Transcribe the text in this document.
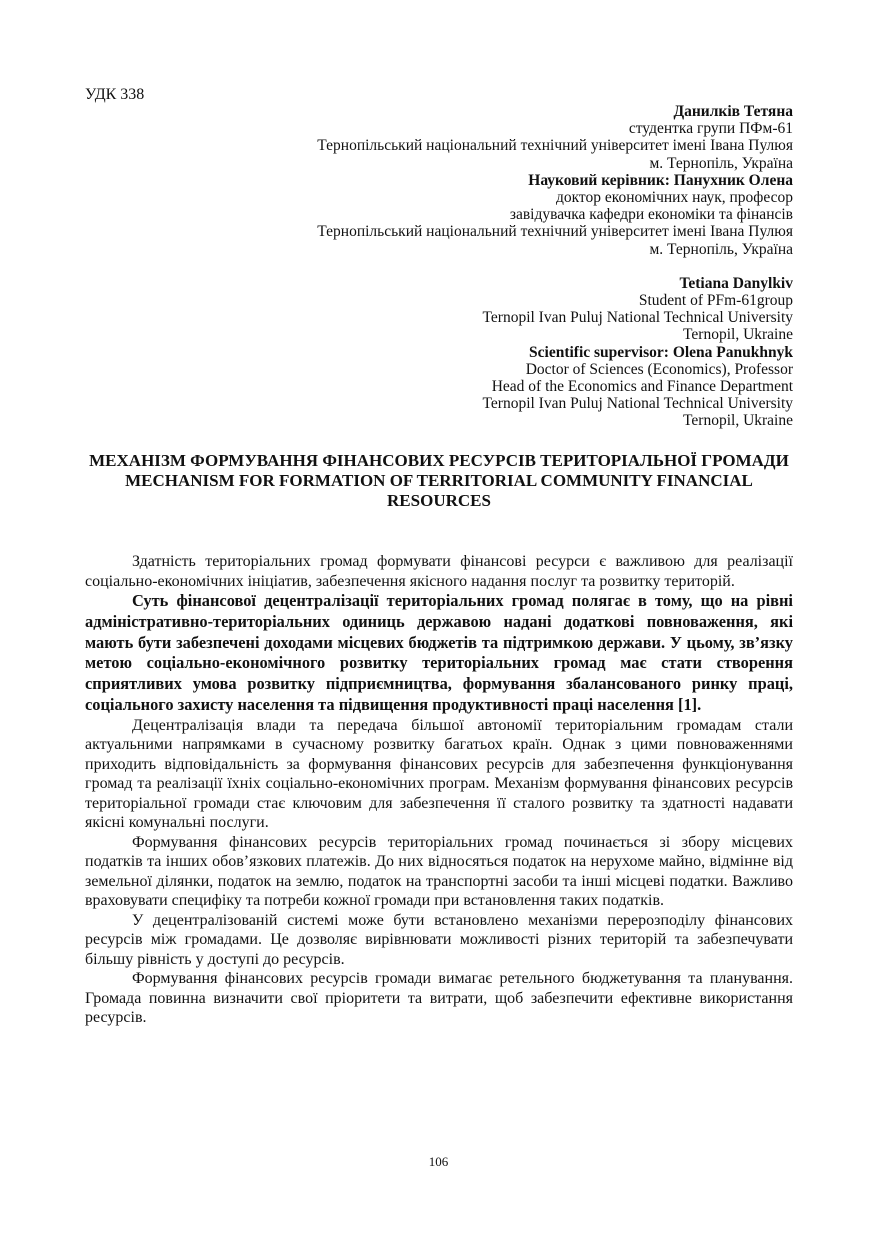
УДК 338
Данилків Тетяна
студентка групи ПФм-61
Тернопільський національний технічний університет імені Івана Пулюя
м. Тернопіль, Україна
Науковий керівник: Панухник Олена
доктор економічних наук, професор
завідувачка кафедри економіки та фінансів
Тернопільський національний технічний університет імені Івана Пулюя
м. Тернопіль, Україна
Tetiana Danylkiv
Student of PFm-61group
Ternopil Ivan Puluj National Technical University
Ternopil, Ukraine
Scientific supervisor: Olena Panukhnyk
Doctor of Sciences (Economics), Professor
Head of the Economics and Finance Department
Ternopil Ivan Puluj National Technical University
Ternopil, Ukraine
МЕХАНІЗМ ФОРМУВАННЯ ФІНАНСОВИХ РЕСУРСІВ ТЕРИТОРІАЛЬНОЇ ГРОМАДИ
MECHANISM FOR FORMATION OF TERRITORIAL COMMUNITY FINANCIAL RESOURCES

Здатність територіальних громад формувати фінансові ресурси є важливою для реалізації соціально-економічних ініціатив, забезпечення якісного надання послуг та розвитку територій.

Суть фінансової децентралізації територіальних громад полягає в тому, що на рівні адміністративно-територіальних одиниць державою надані додаткові повноваження, які мають бути забезпечені доходами місцевих бюджетів та підтримкою держави. У цьому, зв’язку метою соціально-економічного розвитку територіальних громад має стати створення сприятливих умова розвитку підприємництва, формування збалансованого ринку праці, соціального захисту населення та підвищення продуктивності праці населення [1].

Децентралізація влади та передача більшої автономії територіальним громадам стали актуальними напрямками в сучасному розвитку багатьох країн. Однак з цими повноваженнями приходить відповідальність за формування фінансових ресурсів для забезпечення функціонування громад та реалізації їхніх соціально-економічних програм. Механізм формування фінансових ресурсів територіальної громади стає ключовим для забезпечення її сталого розвитку та здатності надавати якісні комунальні послуги.

Формування фінансових ресурсів територіальних громад починається зі збору місцевих податків та інших обов’язкових платежів. До них відносяться податок на нерухоме майно, відмінне від земельної ділянки, податок на землю, податок на транспортні засоби та інші місцеві податки. Важливо враховувати специфіку та потреби кожної громади при встановлення таких податків.

У децентралізованій системі може бути встановлено механізми перерозподілу фінансових ресурсів між громадами. Це дозволяє вирівнювати можливості різних територій та забезпечувати більшу рівність у доступі до ресурсів.

Формування фінансових ресурсів громади вимагає ретельного бюджетування та планування. Громада повинна визначити свої пріоритети та витрати, щоб забезпечити ефективне використання ресурсів.

106
